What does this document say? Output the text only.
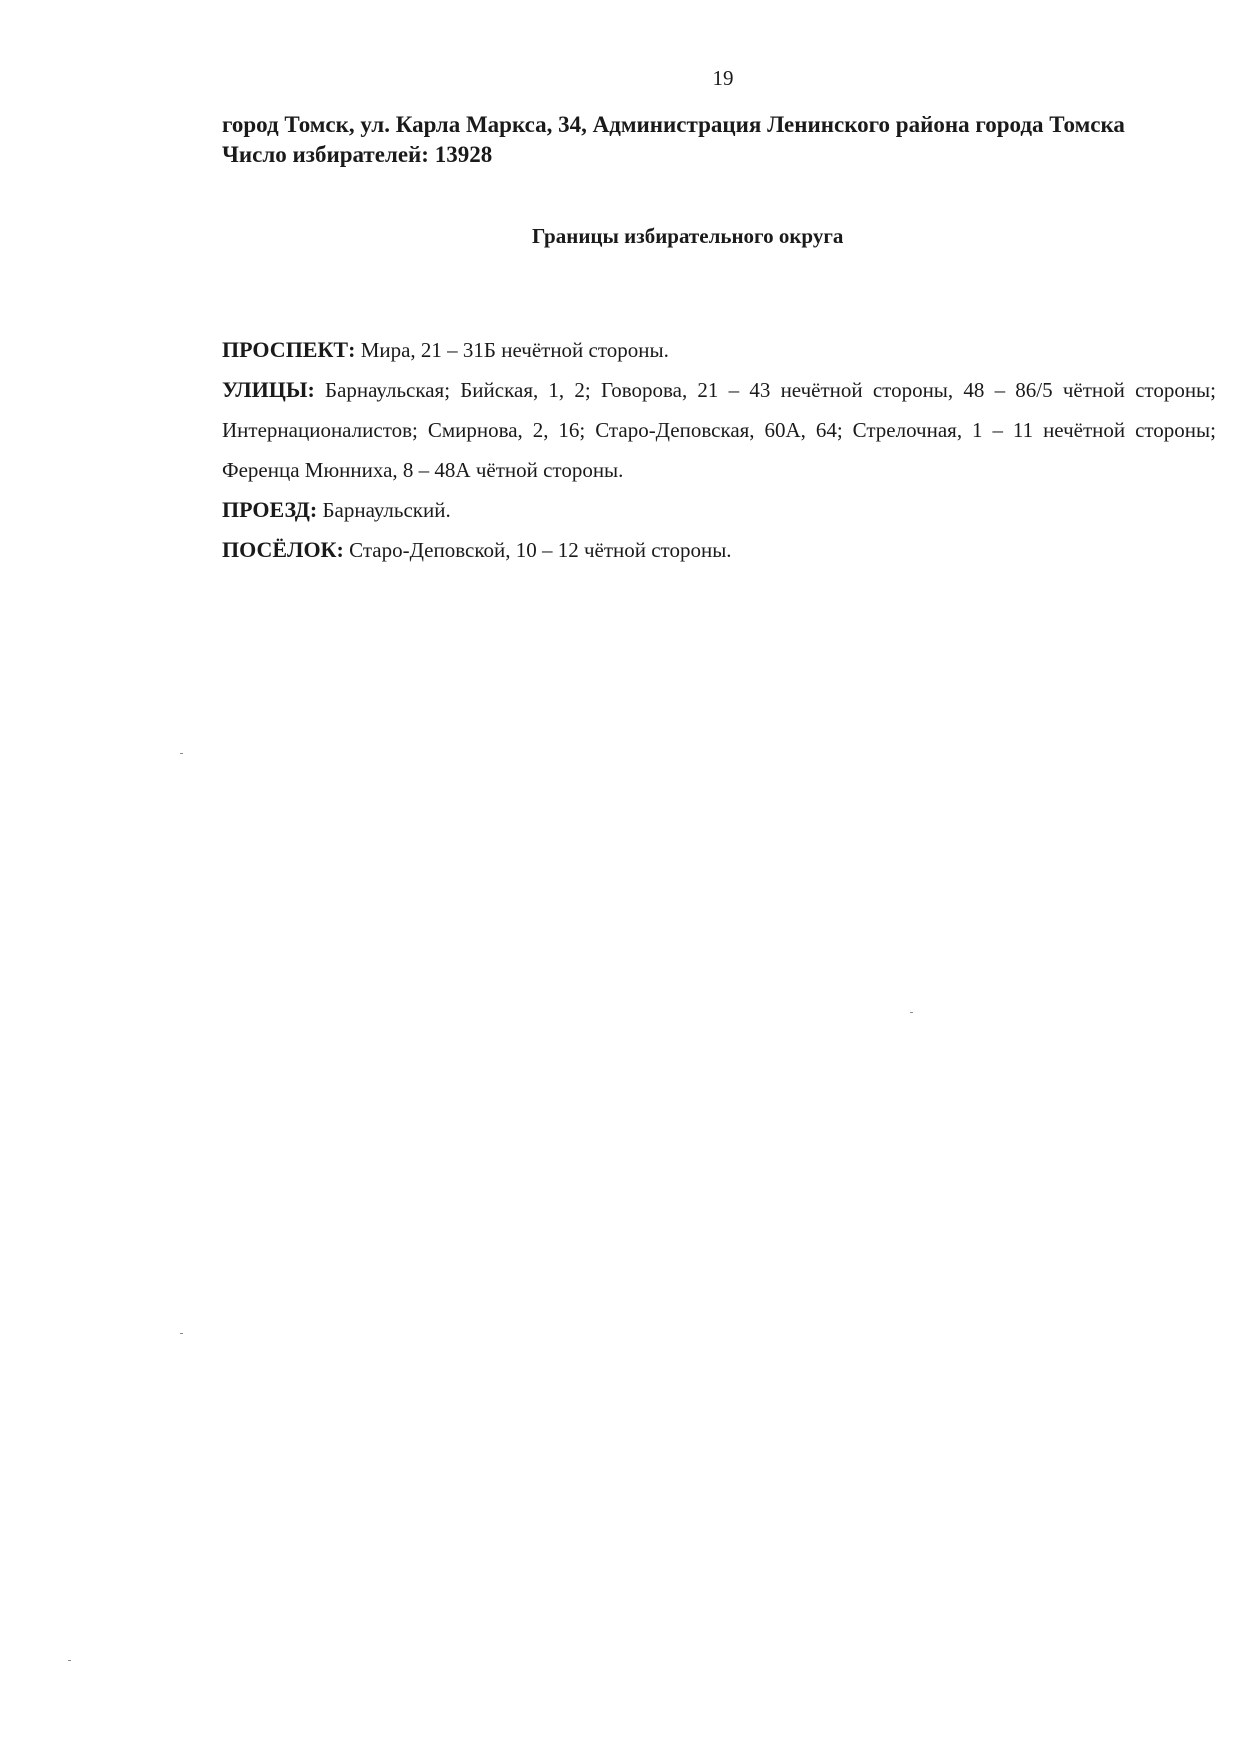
19
город Томск, ул. Карла Маркса, 34, Администрация Ленинского района города Томска
Число избирателей: 13928
Границы избирательного округа

ПРОСПЕКТ: Мира, 21 – 31Б нечётной стороны.

УЛИЦЫ: Барнаульская; Бийская, 1, 2; Говорова, 21 – 43 нечётной стороны, 48 – 86/5 чётной стороны; Интернационалистов; Смирнова, 2, 16; Старо-Деповская, 60А, 64; Стрелочная, 1 – 11 нечётной стороны; Ференца Мюнниха, 8 – 48А чётной стороны.

ПРОЕЗД: Барнаульский.

ПОСЁЛОК: Старо-Деповской, 10 – 12 чётной стороны.
